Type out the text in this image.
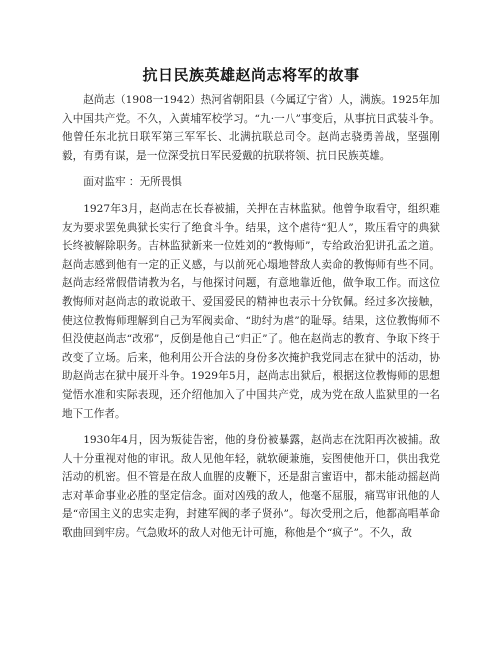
抗日民族英雄赵尚志将军的故事

赵尚志（1908一1942）热河省朝阳县（今属辽宁省）人，满族。1925年加入中国共产党。不久，入黄埔军校学习。“九·一八”事变后，从事抗日武装斗争。他曾任东北抗日联军第三军军长、北满抗联总司令。赵尚志骁勇善战，坚强刚毅，有勇有谋，是一位深受抗日军民爱戴的抗联将领、抗日民族英雄。

面对监牢 ：无所畏惧

1927年3月，赵尚志在长春被捕，关押在吉林监狱。他曾争取看守，组织难友为要求罢免典狱长实行了绝食斗争。结果，这个虐待“犯人”，欺压看守的典狱长终被解除职务。吉林监狱新来一位姓刘的“教悔师”，专给政治犯讲孔孟之道。赵尚志感到他有一定的正义感，与以前死心塌地替敌人卖命的教悔师有些不同。赵尚志经常假借请教为名，与他探讨问题，有意地靠近他，做争取工作。而这位教悔师对赵尚志的敢说敢干、爱国爱民的精神也表示十分钦佩。经过多次接触，使这位教悔师理解到自己为军阀卖命、“助纣为虐”的耻辱。结果，这位教悔师不但没使赵尚志“改邪”，反倒是他自己“归正”了。他在赵尚志的教育、争取下终于改变了立场。后来，他利用公开合法的身份多次掩护我党同志在狱中的活动，协助赵尚志在狱中展开斗争。1929年5月，赵尚志出狱后，根据这位教悔师的思想觉悟水准和实际表现，还介绍他加入了中国共产党，成为党在敌人监狱里的一名地下工作者。

1930年4月，因为叛徒告密，他的身份被暴露，赵尚志在沈阳再次被捕。敌人十分重视对他的审讯。敌人见他年轻，就软硬兼施，妄图使他开口，供出我党活动的机密。但不管是在敌人血腥的皮鞭下，还是甜言蜜语中，都未能动摇赵尚志对革命事业必胜的坚定信念。面对凶残的敌人，他毫不屈服，痛骂审讯他的人是“帝国主义的忠实走狗，封建军阀的孝子贤孙”。每次受刑之后，他都高唱革命歌曲回到牢房。气急败坏的敌人对他无计可施，称他是个“疯子”。不久，敌
